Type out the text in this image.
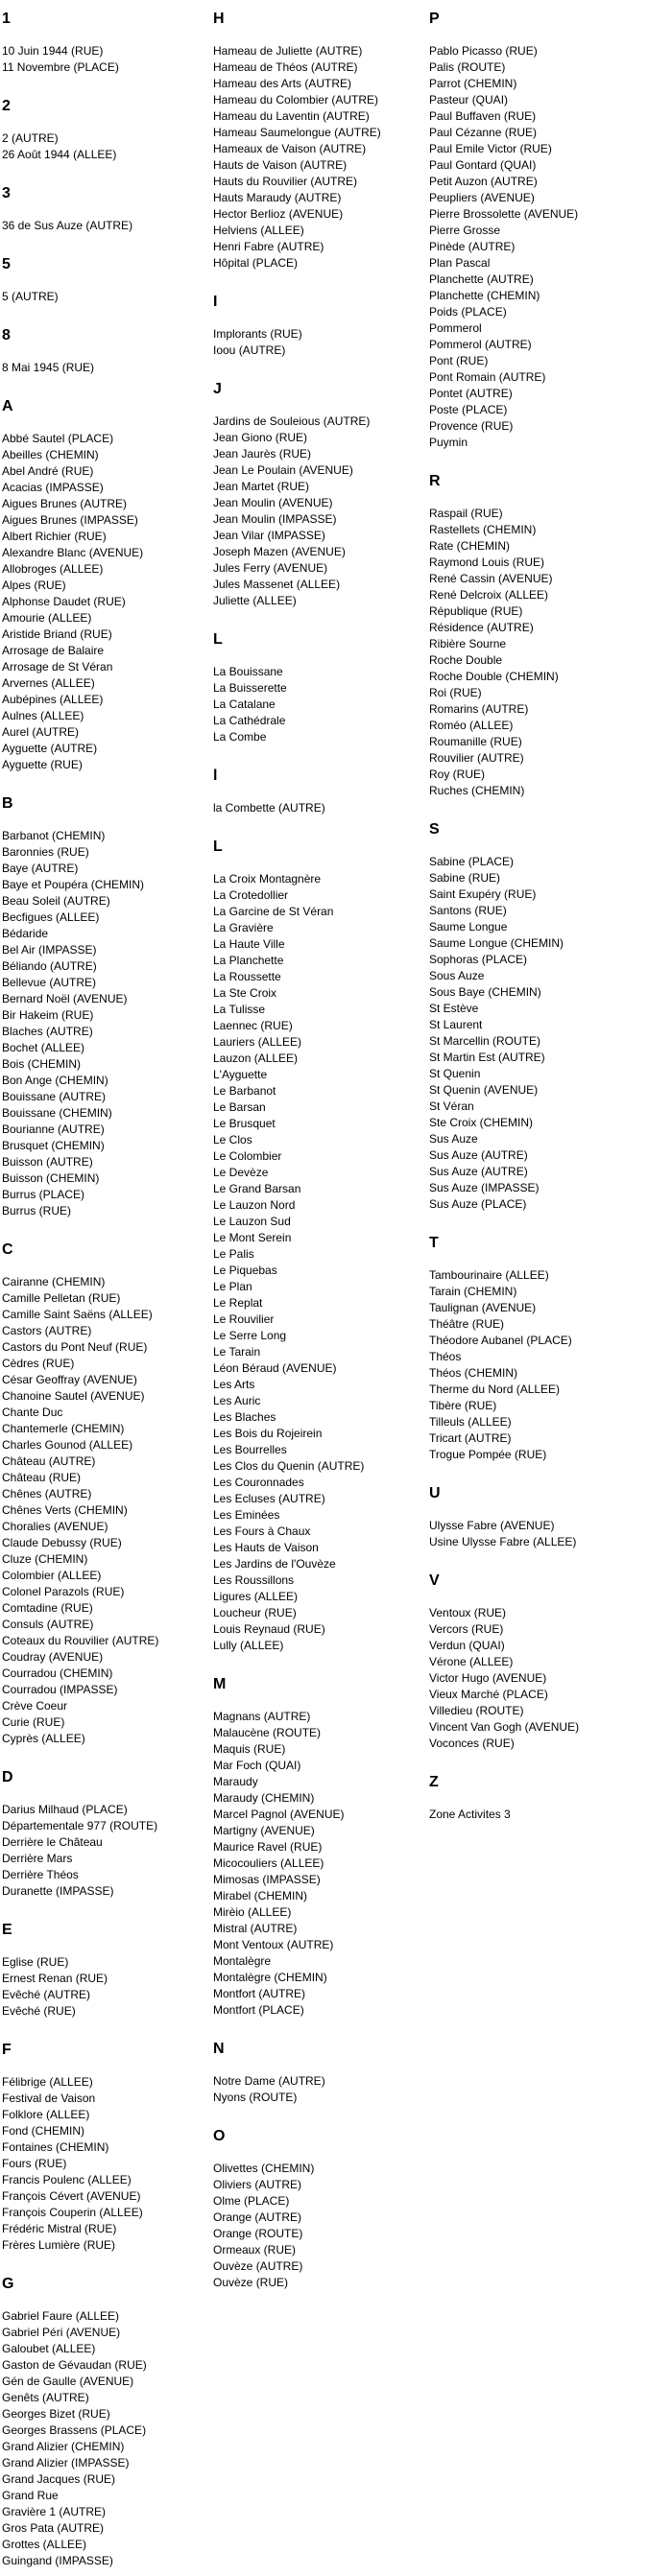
1
10 Juin 1944 (RUE)
11 Novembre (PLACE)
2
2 (AUTRE)
26 Août 1944 (ALLEE)
3
36 de Sus Auze (AUTRE)
5
5 (AUTRE)
8
8 Mai 1945 (RUE)
A
Abbé Sautel (PLACE)
Abeilles (CHEMIN)
Abel André (RUE)
Acacias (IMPASSE)
Aigues Brunes (AUTRE)
Aigues Brunes (IMPASSE)
Albert Richier (RUE)
Alexandre Blanc (AVENUE)
Allobroges (ALLEE)
Alpes (RUE)
Alphonse Daudet (RUE)
Amourie (ALLEE)
Aristide Briand (RUE)
Arrosage de Balaire
Arrosage de St Véran
Arvernes (ALLEE)
Aubépines (ALLEE)
Aulnes (ALLEE)
Aurel (AUTRE)
Ayguette (AUTRE)
Ayguette (RUE)
B
Barbanot (CHEMIN)
Baronnies (RUE)
Baye (AUTRE)
Baye et Poupéra (CHEMIN)
Beau Soleil (AUTRE)
Becfigues (ALLEE)
Bédaride
Bel Air (IMPASSE)
Béliando (AUTRE)
Bellevue (AUTRE)
Bernard Noël (AVENUE)
Bir Hakeim (RUE)
Blaches (AUTRE)
Bochet (ALLEE)
Bois (CHEMIN)
Bon Ange (CHEMIN)
Bouissane (AUTRE)
Bouissane (CHEMIN)
Bourianne (AUTRE)
Brusquet (CHEMIN)
Buisson (AUTRE)
Buisson (CHEMIN)
Burrus (PLACE)
Burrus (RUE)
C
Cairanne (CHEMIN)
Camille Pelletan (RUE)
Camille Saint Saëns (ALLEE)
Castors (AUTRE)
Castors du Pont Neuf (RUE)
Cèdres (RUE)
César Geoffray (AVENUE)
Chanoine Sautel (AVENUE)
Chante Duc
Chantemerle (CHEMIN)
Charles Gounod (ALLEE)
Château (AUTRE)
Château (RUE)
Chênes (AUTRE)
Chênes Verts (CHEMIN)
Choralies (AVENUE)
Claude Debussy (RUE)
Cluze (CHEMIN)
Colombier (ALLEE)
Colonel Parazols (RUE)
Comtadine (RUE)
Consuls (AUTRE)
Coteaux du Rouvilier (AUTRE)
Coudray (AVENUE)
Courradou (CHEMIN)
Courradou (IMPASSE)
Crève Coeur
Curie (RUE)
Cyprès (ALLEE)
D
Darius Milhaud (PLACE)
Départementale 977 (ROUTE)
Derrière le Château
Derrière Mars
Derrière Théos
Duranette (IMPASSE)
E
Eglise (RUE)
Ernest Renan (RUE)
Evêché (AUTRE)
Evêché (RUE)
F
Félibrige (ALLEE)
Festival de Vaison
Folklore (ALLEE)
Fond (CHEMIN)
Fontaines (CHEMIN)
Fours (RUE)
Francis Poulenc (ALLEE)
François Cévert (AVENUE)
François Couperin (ALLEE)
Frédéric Mistral (RUE)
Frères Lumière (RUE)
G
Gabriel Faure (ALLEE)
Gabriel Péri (AVENUE)
Galoubet (ALLEE)
Gaston de Gévaudan (RUE)
Gén de Gaulle (AVENUE)
Genêts (AUTRE)
Georges Bizet (RUE)
Georges Brassens (PLACE)
Grand Alizier (CHEMIN)
Grand Alizier (IMPASSE)
Grand Jacques (RUE)
Grand Rue
Gravière 1 (AUTRE)
Gros Pata (AUTRE)
Grottes (ALLEE)
Guingand (IMPASSE)
H
Hameau de Juliette (AUTRE)
Hameau de Théos (AUTRE)
Hameau des Arts (AUTRE)
Hameau du Colombier (AUTRE)
Hameau du Laventin (AUTRE)
Hameau Saumelongue (AUTRE)
Hameaux de Vaison (AUTRE)
Hauts de Vaison (AUTRE)
Hauts du Rouvilier (AUTRE)
Hauts Maraudy (AUTRE)
Hector Berlioz (AVENUE)
Helviens (ALLEE)
Henri Fabre (AUTRE)
Hôpital (PLACE)
I
Implorants (RUE)
Ioou (AUTRE)
J
Jardins de Souleious (AUTRE)
Jean Giono (RUE)
Jean Jaurès (RUE)
Jean Le Poulain (AVENUE)
Jean Martet (RUE)
Jean Moulin (AVENUE)
Jean Moulin (IMPASSE)
Jean Vilar (IMPASSE)
Joseph Mazen (AVENUE)
Jules Ferry (AVENUE)
Jules Massenet (ALLEE)
Juliette (ALLEE)
L
La Bouissane
La Buisserette
La Catalane
La Cathédrale
La Combe
l
la Combette (AUTRE)
L
La Croix Montagnère
La Crotedollier
La Garcine de St Véran
La Gravière
La Haute Ville
La Planchette
La Roussette
La Ste Croix
La Tulisse
Laennec (RUE)
Lauriers (ALLEE)
Lauzon (ALLEE)
L'Ayguette
Le Barbanot
Le Barsan
Le Brusquet
Le Clos
Le Colombier
Le Devèze
Le Grand Barsan
Le Lauzon Nord
Le Lauzon Sud
Le Mont Serein
Le Palis
Le Piquebas
Le Plan
Le Replat
Le Rouvilier
Le Serre Long
Le Tarain
Léon Béraud (AVENUE)
Les Arts
Les Auric
Les Blaches
Les Bois du Rojeirein
Les Bourrelles
Les Clos du Quenin (AUTRE)
Les Couronnades
Les Ecluses (AUTRE)
Les Eminées
Les Fours à Chaux
Les Hauts de Vaison
Les Jardins de l'Ouvèze
Les Roussillons
Ligures (ALLEE)
Loucheur (RUE)
Louis Reynaud (RUE)
Lully (ALLEE)
M
Magnans (AUTRE)
Malaucène (ROUTE)
Maquis (RUE)
Mar Foch (QUAI)
Maraudy
Maraudy (CHEMIN)
Marcel Pagnol (AVENUE)
Martigny (AVENUE)
Maurice Ravel (RUE)
Micocouliers (ALLEE)
Mimosas (IMPASSE)
Mirabel (CHEMIN)
Mirèio (ALLEE)
Mistral (AUTRE)
Mont Ventoux (AUTRE)
Montalègre
Montalègre (CHEMIN)
Montfort (AUTRE)
Montfort (PLACE)
N
Notre Dame (AUTRE)
Nyons (ROUTE)
O
Olivettes (CHEMIN)
Oliviers (AUTRE)
Olme (PLACE)
Orange (AUTRE)
Orange (ROUTE)
Ormeaux (RUE)
Ouvèze (AUTRE)
Ouvèze (RUE)
P
Pablo Picasso (RUE)
Palis (ROUTE)
Parrot (CHEMIN)
Pasteur (QUAI)
Paul Buffaven (RUE)
Paul Cézanne (RUE)
Paul Emile Victor (RUE)
Paul Gontard (QUAI)
Petit Auzon (AUTRE)
Peupliers (AVENUE)
Pierre Brossolette (AVENUE)
Pierre Grosse
Pinède (AUTRE)
Plan Pascal
Planchette (AUTRE)
Planchette (CHEMIN)
Poids (PLACE)
Pommerol
Pommerol (AUTRE)
Pont (RUE)
Pont Romain (AUTRE)
Pontet (AUTRE)
Poste (PLACE)
Provence (RUE)
Puymin
R
Raspail (RUE)
Rastellets (CHEMIN)
Rate (CHEMIN)
Raymond Louis (RUE)
René Cassin (AVENUE)
René Delcroix (ALLEE)
République (RUE)
Résidence (AUTRE)
Ribière Sourne
Roche Double
Roche Double (CHEMIN)
Roi (RUE)
Romarins (AUTRE)
Roméo (ALLEE)
Roumanille (RUE)
Rouvilier (AUTRE)
Roy (RUE)
Ruches (CHEMIN)
S
Sabine (PLACE)
Sabine (RUE)
Saint Exupéry (RUE)
Santons (RUE)
Saume Longue
Saume Longue (CHEMIN)
Sophoras (PLACE)
Sous Auze
Sous Baye (CHEMIN)
St Estève
St Laurent
St Marcellin (ROUTE)
St Martin Est (AUTRE)
St Quenin
St Quenin (AVENUE)
St Véran
Ste Croix (CHEMIN)
Sus Auze
Sus Auze (AUTRE)
Sus Auze (AUTRE)
Sus Auze (IMPASSE)
Sus Auze (PLACE)
T
Tambourinaire (ALLEE)
Tarain (CHEMIN)
Taulignan (AVENUE)
Théâtre (RUE)
Théodore Aubanel (PLACE)
Théos
Théos (CHEMIN)
Therme du Nord (ALLEE)
Tibère (RUE)
Tilleuls (ALLEE)
Tricart (AUTRE)
Trogue Pompée (RUE)
U
Ulysse Fabre (AVENUE)
Usine Ulysse Fabre (ALLEE)
V
Ventoux (RUE)
Vercors (RUE)
Verdun (QUAI)
Vérone (ALLEE)
Victor Hugo (AVENUE)
Vieux Marché (PLACE)
Villedieu (ROUTE)
Vincent Van Gogh (AVENUE)
Voconces (RUE)
Z
Zone Activites 3
